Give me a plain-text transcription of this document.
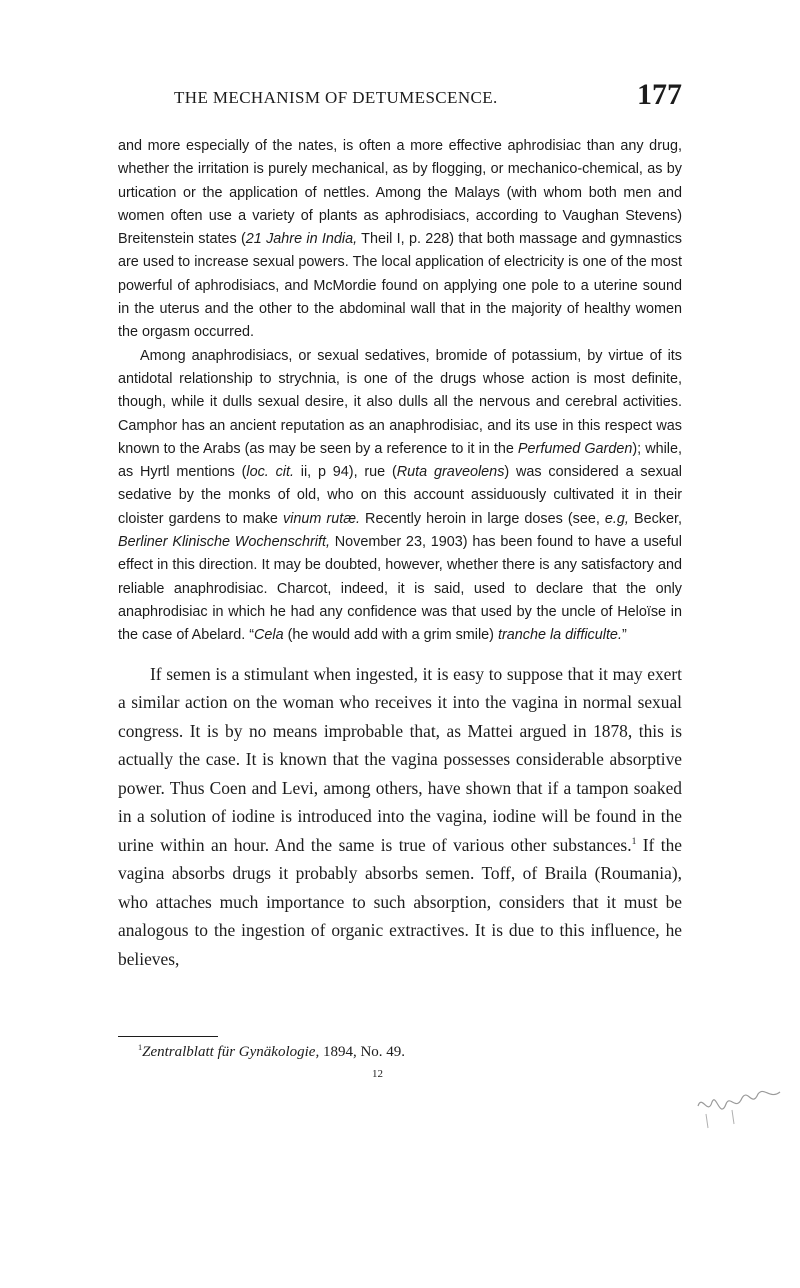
THE MECHANISM OF DETUMESCENCE.	177

and more especially of the nates, is often a more effective aphrodisiac than any drug, whether the irritation is purely mechanical, as by flogging, or mechanico-chemical, as by urtication or the application of nettles. Among the Malays (with whom both men and women often use a variety of plants as aphrodisiacs, according to Vaughan Stevens) Breitenstein states (21 Jahre in India, Theil I, p. 228) that both massage and gymnastics are used to increase sexual powers. The local application of electricity is one of the most powerful of aphrodisiacs, and McMordie found on applying one pole to a uterine sound in the uterus and the other to the abdominal wall that in the majority of healthy women the orgasm occurred.

Among anaphrodisiacs, or sexual sedatives, bromide of potassium, by virtue of its antidotal relationship to strychnia, is one of the drugs whose action is most definite, though, while it dulls sexual desire, it also dulls all the nervous and cerebral activities. Camphor has an ancient reputation as an anaphrodisiac, and its use in this respect was known to the Arabs (as may be seen by a reference to it in the Perfumed Garden); while, as Hyrtl mentions (loc. cit. ii, p 94), rue (Ruta graveolens) was considered a sexual sedative by the monks of old, who on this account assiduously cultivated it in their cloister gardens to make vinum rutæ. Recently heroin in large doses (see, e.g, Becker, Berliner Klinische Wochenschrift, November 23, 1903) has been found to have a useful effect in this direction. It may be doubted, however, whether there is any satisfactory and reliable anaphrodisiac. Charcot, indeed, it is said, used to declare that the only anaphrodisiac in which he had any confidence was that used by the uncle of Heloïse in the case of Abelard. “Cela (he would add with a grim smile) tranche la difficulte.”

If semen is a stimulant when ingested, it is easy to suppose that it may exert a similar action on the woman who receives it into the vagina in normal sexual congress. It is by no means improbable that, as Mattei argued in 1878, this is actually the case. It is known that the vagina possesses considerable absorptive power. Thus Coen and Levi, among others, have shown that if a tampon soaked in a solution of iodine is introduced into the vagina, iodine will be found in the urine within an hour. And the same is true of various other substances.$^1$ If the vagina absorbs drugs it probably absorbs semen. Toff, of Braila (Roumania), who attaches much importance to such absorption, considers that it must be analogous to the ingestion of organic extractives. It is due to this influence, he believes,

$^1$Zentralblatt für Gynäkologie, 1894, No. 49.
12
